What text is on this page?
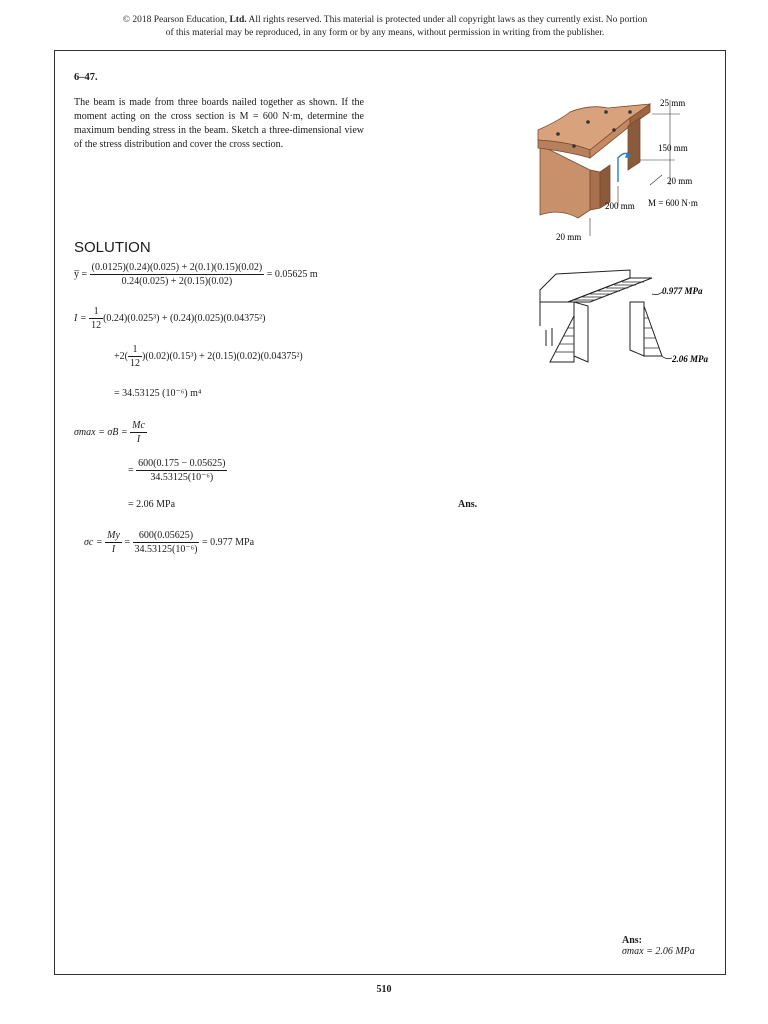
© 2018 Pearson Education, Ltd. All rights reserved. This material is protected under all copyright laws as they currently exist. No portion
of this material may be reproduced, in any form or by any means, without permission in writing from the publisher.
6–47.
The beam is made from three boards nailed together as shown. If the moment acting on the cross section is M = 600 N·m, determine the maximum bending stress in the beam. Sketch a three-dimensional view of the stress distribution and cover the cross section.
25 mm
150 mm
20 mm
200 mm M = 600 N·m
20 mm
0.977 MPa
2.06 MPa
SOLUTION
y̅ = $\frac{(0.0125)(0.24)(0.025) + 2(0.1)(0.15)(0.02)}{0.24(0.025) + 2(0.15)(0.02)} = 0.05625$ m
$I = \frac{1}{12} (0.24)(0.025^3) + (0.24)(0.025)(0.04375^2)$
$+2( \frac{1}{12} )(0.02)(0.15^3) + 2(0.15)(0.02)(0.04375^2)$
= 34.53125 (10⁻⁶) m⁴
$\sigma\max = \sigma B = \frac{Mc}{I}$
= $\frac{600(0.175 - 0.05625)}{\text{34.53125(10⁻⁶)}}$
= 2.06 MPa	Ans.
$\sigma c = \frac{My}{I} = \frac{600(0.05625)}{\text{34.53125(10⁻⁶)}} = 0.977$ MPa
Ans:
σmax = 2.06 MPa
510
